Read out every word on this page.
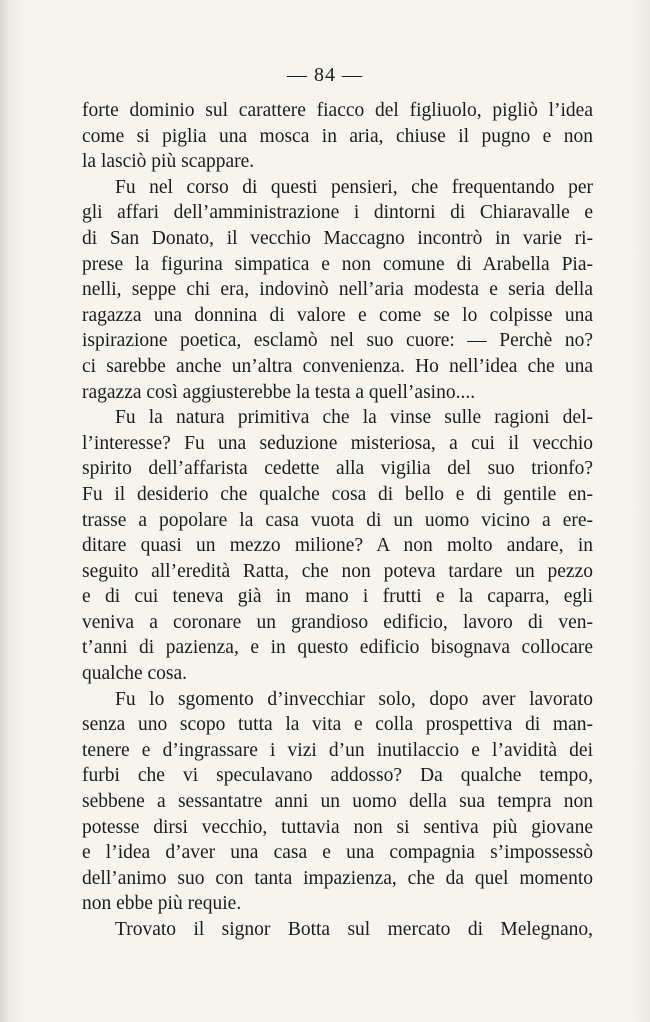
— 84 —
forte dominio sul carattere fiacco del figliuolo, pigliò l’idea
come si piglia una mosca in aria, chiuse il pugno e non
la lasciò più scappare.
Fu nel corso di questi pensieri, che frequentando per
gli affari dell’amministrazione i dintorni di Chiaravalle e
di San Donato, il vecchio Maccagno incontrò in varie ri-
prese la figurina simpatica e non comune di Arabella Pia-
nelli, seppe chi era, indovinò nell’aria modesta e seria della
ragazza una donnina di valore e come se lo colpisse una
ispirazione poetica, esclamò nel suo cuore: — Perchè no?
ci sarebbe anche un’altra convenienza. Ho nell’idea che una
ragazza così aggiusterebbe la testa a quell’asino....
Fu la natura primitiva che la vinse sulle ragioni del-
l’interesse? Fu una seduzione misteriosa, a cui il vecchio
spirito dell’affarista cedette alla vigilia del suo trionfo?
Fu il desiderio che qualche cosa di bello e di gentile en-
trasse a popolare la casa vuota di un uomo vicino a ere-
ditare quasi un mezzo milione? A non molto andare, in
seguito all’eredità Ratta, che non poteva tardare un pezzo
e di cui teneva già in mano i frutti e la caparra, egli
veniva a coronare un grandioso edificio, lavoro di ven-
t’anni di pazienza, e in questo edificio bisognava collocare
qualche cosa.
Fu lo sgomento d’invecchiar solo, dopo aver lavorato
senza uno scopo tutta la vita e colla prospettiva di man-
tenere e d’ingrassare i vizi d’un inutilaccio e l’avidità dei
furbi che vi speculavano addosso? Da qualche tempo,
sebbene a sessantatre anni un uomo della sua tempra non
potesse dirsi vecchio, tuttavia non si sentiva più giovane
e l’idea d’aver una casa e una compagnia s’impossessò
dell’animo suo con tanta impazienza, che da quel momento
non ebbe più requie.
Trovato il signor Botta sul mercato di Melegnano,
